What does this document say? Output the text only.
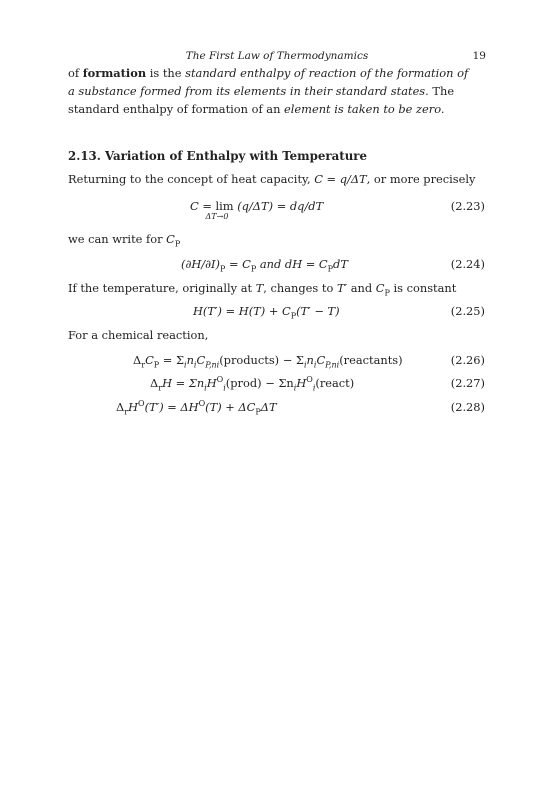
The First Law of Thermodynamics	19
of formation is the standard enthalpy of reaction of the formation of a substance formed from its elements in their standard states. The standard enthalpy of formation of an element is taken to be zero.
2.13. Variation of Enthalpy with Temperature
Returning to the concept of heat capacity, C = q/ΔT, or more precisely
C = lim
ΔT→0
(q/ΔT) = dq/dT	(2.23)
we can write for $C_P$
$(\partial H/\partial I)_P = C_P$ and dH = $C_PdT$	(2.24)
If the temperature, originally at T, changes to T′ and $C_P$ is constant
$H(T') = H(T) + C_P(T' - T)$	(2.25)
For a chemical reaction,
$\Delta_rC_P$ = $\Sigma_in_iC_{P,ni}(products)$ − $\Sigma_in_iC_{P,ni}(reactants)$	(2.26)
$\Delta_rH$ = $\Sigma n_iH^O_i(prod)$ − $\Sigma n_iH^O_i(react)$	(2.27)
$\Delta_rH^O(T') = \Delta H^O(T) + \Delta C_P\Delta T$	(2.28)
